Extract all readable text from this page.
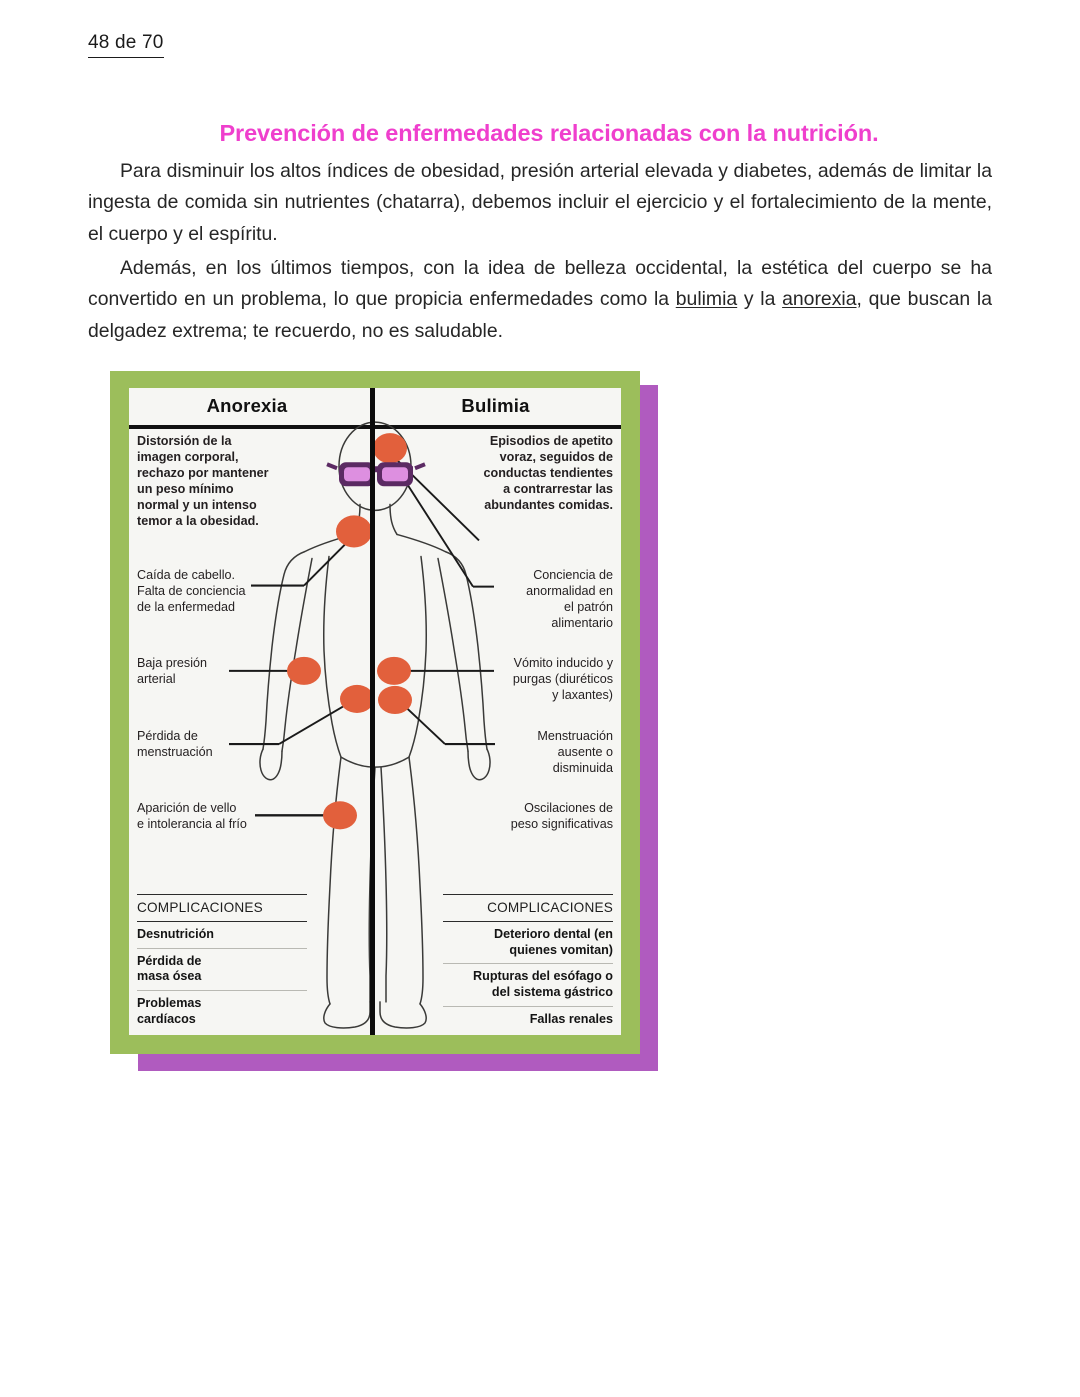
48 de 70
Prevención de enfermedades relacionadas con la nutrición.

Para disminuir los altos índices de obesidad, presión arterial elevada y diabetes, además de limitar la ingesta de comida sin nutrientes (chatarra), debemos incluir el ejercicio y el fortalecimiento de la mente, el cuerpo y el espíritu.

Además, en los últimos tiempos, con la idea de belleza occidental, la estética del cuerpo se ha convertido en un problema, lo que propicia enfermedades como la bulimia y la anorexia, que buscan la delgadez extrema; te recuerdo, no es saludable.

Anorexia	Bulimia
Distorsión de la
imagen corporal,
rechazo por mantener
un peso mínimo
normal y un intenso
temor a la obesidad.
Caída de cabello.
Falta de conciencia
de la enfermedad
Baja presión
arterial
Pérdida de
menstruación
Aparición de vello
e intolerancia al frío
Episodios de apetito
voraz, seguidos de
conductas tendientes
a contrarrestar las
abundantes comidas.
Conciencia de
anormalidad en
el patrón
alimentario
Vómito inducido y
purgas (diuréticos
y laxantes)
Menstruación
ausente o
disminuida
Oscilaciones de
peso significativas
COMPLICACIONES
Desnutrición
Pérdida de
masa ósea
Problemas
cardíacos
COMPLICACIONES
Deterioro dental (en
quienes vomitan)
Rupturas del esófago o
del sistema gástrico
Fallas renales
